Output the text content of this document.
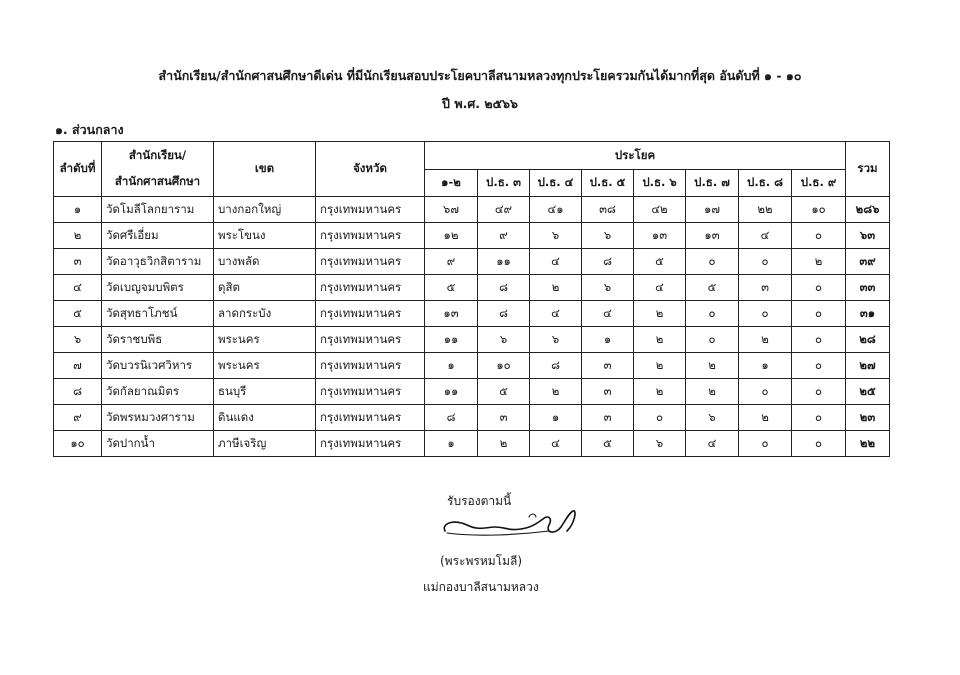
สำนักเรียน/สำนักศาสนศึกษาดีเด่น ที่มีนักเรียนสอบประโยคบาลีสนามหลวงทุกประโยครวมกันได้มากที่สุด อันดับที่ ๑ - ๑๐
ปี พ.ศ. ๒๕๖๖
๑. ส่วนกลาง
ลำดับที่	สำนักเรียน/
สำนักศาสนศึกษา	เขต	จังหวัด	ประโยค								รวม
				๑-๒	ป.ธ. ๓	ป.ธ. ๔	ป.ธ. ๕	ป.ธ. ๖	ป.ธ. ๗	ป.ธ. ๘	ป.ธ. ๙	
๑	วัดโมลีโลกยาราม	บางกอกใหญ่	กรุงเทพมหานคร	๖๗	๔๙	๔๑	๓๘	๔๒	๑๗	๒๒	๑๐	๒๘๖
๒	วัดศรีเอี่ยม	พระโขนง	กรุงเทพมหานคร	๑๒	๙	๖	๖	๑๓	๑๓	๔	๐	๖๓
๓	วัดอาวุธวิกสิตาราม	บางพลัด	กรุงเทพมหานคร	๙	๑๑	๔	๘	๕	๐	๐	๒	๓๙
๔	วัดเบญจมบพิตร	ดุสิต	กรุงเทพมหานคร	๕	๘	๒	๖	๔	๕	๓	๐	๓๓
๕	วัดสุทธาโภชน์	ลาดกระบัง	กรุงเทพมหานคร	๑๓	๘	๔	๔	๒	๐	๐	๐	๓๑
๖	วัดราชบพิธ	พระนคร	กรุงเทพมหานคร	๑๑	๖	๖	๑	๒	๐	๒	๐	๒๘
๗	วัดบวรนิเวศวิหาร	พระนคร	กรุงเทพมหานคร	๑	๑๐	๘	๓	๒	๒	๑	๐	๒๗
๘	วัดกัลยาณมิตร	ธนบุรี	กรุงเทพมหานคร	๑๑	๕	๒	๓	๒	๒	๐	๐	๒๕
๙	วัดพรหมวงศาราม	ดินแดง	กรุงเทพมหานคร	๘	๓	๑	๓	๐	๖	๒	๐	๒๓
๑๐	วัดปากน้ำ	ภาษีเจริญ	กรุงเทพมหานคร	๑	๒	๔	๕	๖	๔	๐	๐	๒๒
รับรองตามนี้
(พระพรหมโมลี)
แม่กองบาลีสนามหลวง
